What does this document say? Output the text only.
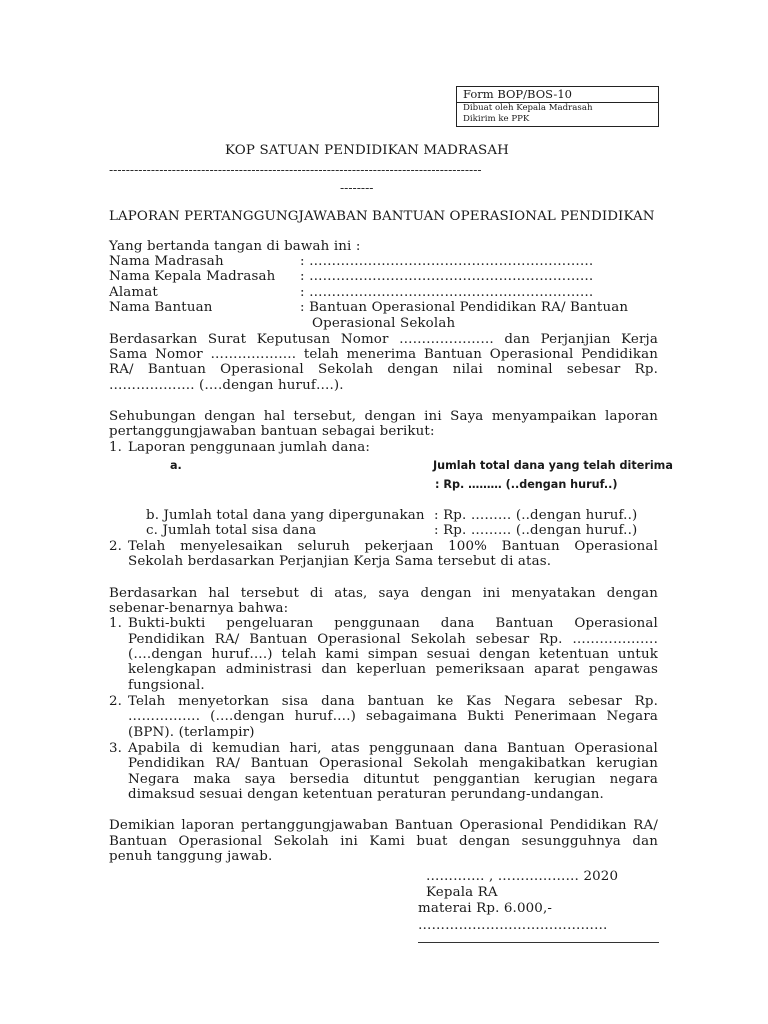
Form BOP/BOS-10
Dibuat oleh Kepala Madrasah
Dikirim ke PPK
KOP SATUAN PENDIDIKAN MADRASAH
-----------------------------------------------------------------------------------------
--------
LAPORAN PERTANGGUNGJAWABAN BANTUAN OPERASIONAL PENDIDIKAN
Yang bertanda tangan di bawah ini :
Nama Madrasah	: ………………………………………………………
Nama Kepala Madrasah : ………………………………………………………
Alamat	: ………………………………………………………
Nama Bantuan	: Bantuan Operasional Pendidikan RA/ Bantuan
Operasional Sekolah
Berdasarkan Surat Keputusan Nomor ………………… dan Perjanjian Kerja
Sama Nomor ………………. telah menerima Bantuan Operasional Pendidikan
RA/ Bantuan Operasional Sekolah dengan nilai nominal sebesar Rp.
………………. (….dengan huruf….).
Sehubungan dengan hal tersebut, dengan ini Saya menyampaikan laporan
pertanggungjawaban bantuan sebagai berikut:
1. Laporan penggunaan jumlah dana:
a.	Jumlah total dana yang telah diterima
: Rp. ……… (..dengan huruf..)
b. Jumlah total dana yang dipergunakan : Rp. ……… (..dengan huruf..)
c. Jumlah total sisa dana	: Rp. ……… (..dengan huruf..)
2. Telah menyelesaikan seluruh pekerjaan 100% Bantuan Operasional
Sekolah berdasarkan Perjanjian Kerja Sama tersebut di atas.
Berdasarkan hal tersebut di atas, saya dengan ini menyatakan dengan
sebenar-benarnya bahwa:
1. Bukti-bukti pengeluaran penggunaan dana Bantuan Operasional
Pendidikan RA/ Bantuan Operasional Sekolah sebesar Rp. ……………….
(….dengan huruf….) telah kami simpan sesuai dengan ketentuan untuk
kelengkapan administrasi dan keperluan pemeriksaan aparat pengawas
fungsional.
2. Telah menyetorkan sisa dana bantuan ke Kas Negara sebesar Rp.
……………. (….dengan huruf….) sebagaimana Bukti Penerimaan Negara
(BPN). (terlampir)
3. Apabila di kemudian hari, atas penggunaan dana Bantuan Operasional
Pendidikan RA/ Bantuan Operasional Sekolah mengakibatkan kerugian
Negara maka saya bersedia dituntut penggantian kerugian negara
dimaksud sesuai dengan ketentuan peraturan perundang-undangan.
Demikian laporan pertanggungjawaban Bantuan Operasional Pendidikan RA/
Bantuan Operasional Sekolah ini Kami buat dengan sesungguhnya dan
penuh tanggung jawab.
…………. , ……………… 2020
Kepala RA
materai Rp. 6.000,-
……………………………………
